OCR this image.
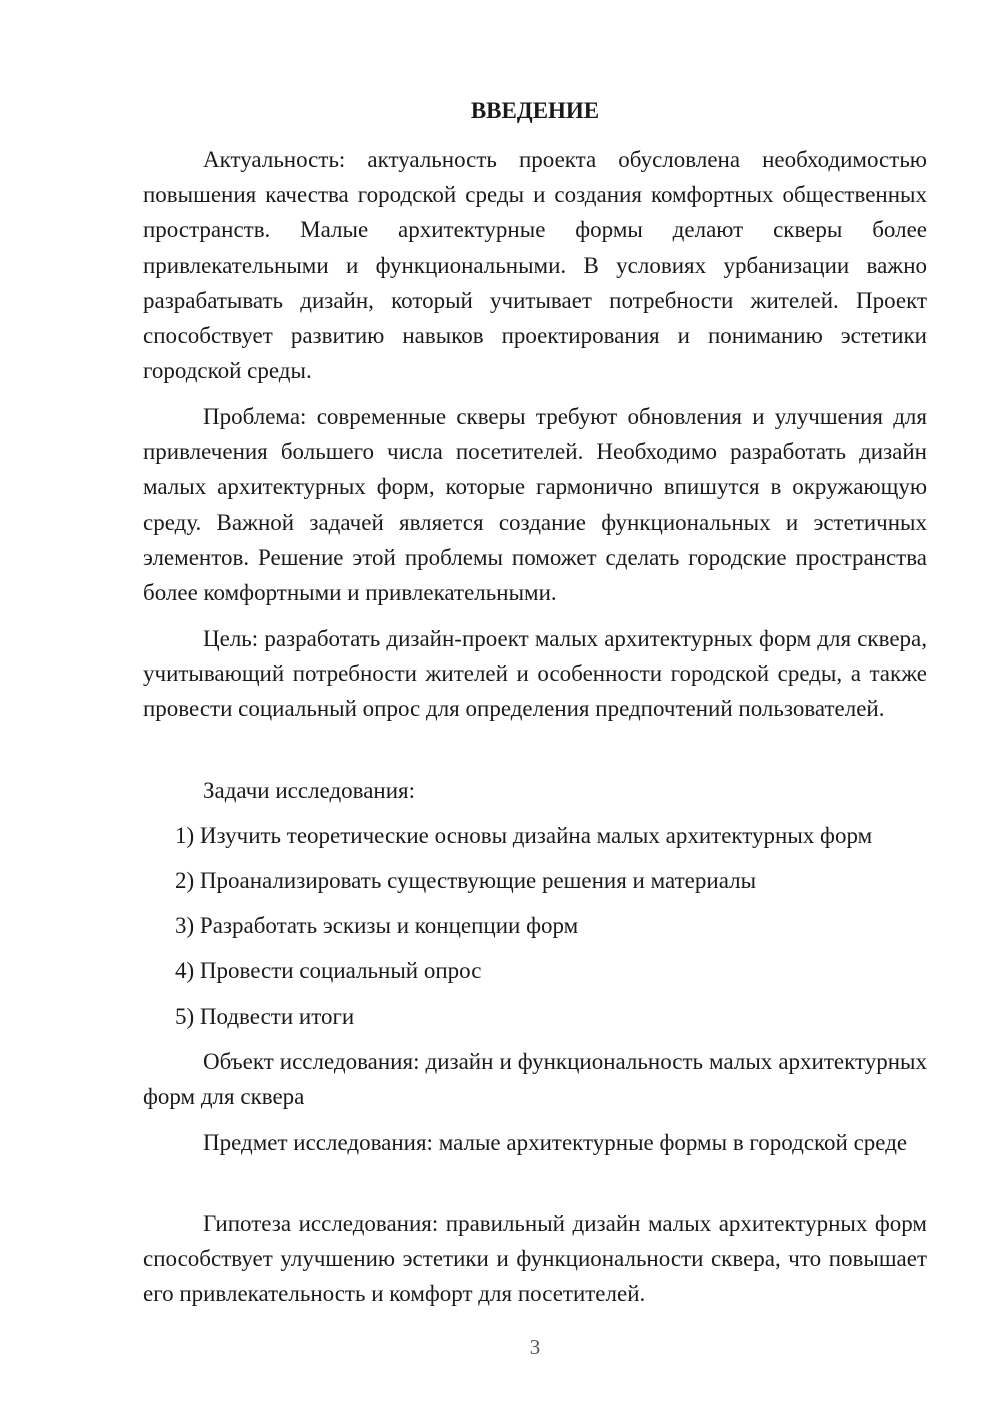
ВВЕДЕНИЕ

Актуальность: актуальность проекта обусловлена необходимостью повышения качества городской среды и создания комфортных общественных пространств. Малые архитектурные формы делают скверы более привлекательными и функциональными. В условиях урбанизации важно разрабатывать дизайн, который учитывает потребности жителей. Проект способствует развитию навыков проектирования и пониманию эстетики городской среды.

Проблема: современные скверы требуют обновления и улучшения для привлечения большего числа посетителей. Необходимо разработать дизайн малых архитектурных форм, которые гармонично впишутся в окружающую среду. Важной задачей является создание функциональных и эстетичных элементов. Решение этой проблемы поможет сделать городские пространства более комфортными и привлекательными.

Цель: разработать дизайн-проект малых архитектурных форм для сквера, учитывающий потребности жителей и особенности городской среды, а также провести социальный опрос для определения предпочтений пользователей.

Задачи исследования:

1) Изучить теоретические основы дизайна малых архитектурных форм

2) Проанализировать существующие решения и материалы

3) Разработать эскизы и концепции форм

4) Провести социальный опрос

5) Подвести итоги

Объект исследования: дизайн и функциональность малых архитектурных форм для сквера

Предмет исследования: малые архитектурные формы в городской среде

Гипотеза исследования: правильный дизайн малых архитектурных форм способствует улучшению эстетики и функциональности сквера, что повышает его привлекательность и комфорт для посетителей.

3
